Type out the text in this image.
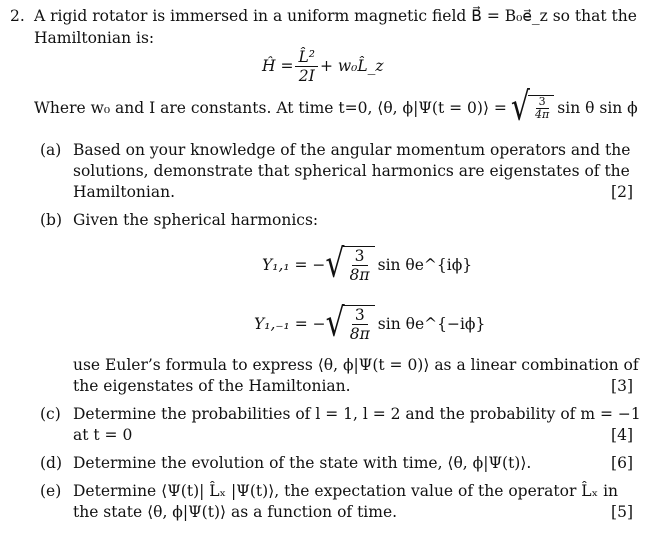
2. A rigid rotator is immersed in a uniform magnetic field B⃗ = B₀e⃗_z so that the
Hamiltonian is:
Ĥ = $\frac{\text{L̂²}}{2I}$ + w₀L̂_z
Where w₀ and I are constants. At time t=0, ⟨θ, ϕ|Ψ(t = 0)⟩ = √ $\frac{3}{4\pi}$ sin θ sin ϕ
(a) Based on your knowledge of the angular momentum operators and the
solutions, demonstrate that spherical harmonics are eigenstates of the
Hamiltonian.	[2]
(b) Given the spherical harmonics:
Y₁,₁ = − √ $\frac{3}{8\pi}$ sin θe^{iϕ}
Y₁,₋₁ = − √ $\frac{3}{8\pi}$ sin θe^{−iϕ}
use Euler’s formula to express ⟨θ, ϕ|Ψ(t = 0)⟩ as a linear combination of
the eigenstates of the Hamiltonian.	[3]
(c) Determine the probabilities of l = 1, l = 2 and the probability of m = −1
at t = 0	[4]
(d) Determine the evolution of the state with time, ⟨θ, ϕ|Ψ(t)⟩.	[6]
(e) Determine ⟨Ψ(t)| L̂ₓ |Ψ(t)⟩, the expectation value of the operator L̂ₓ in
the state ⟨θ, ϕ|Ψ(t)⟩ as a function of time.	[5]
